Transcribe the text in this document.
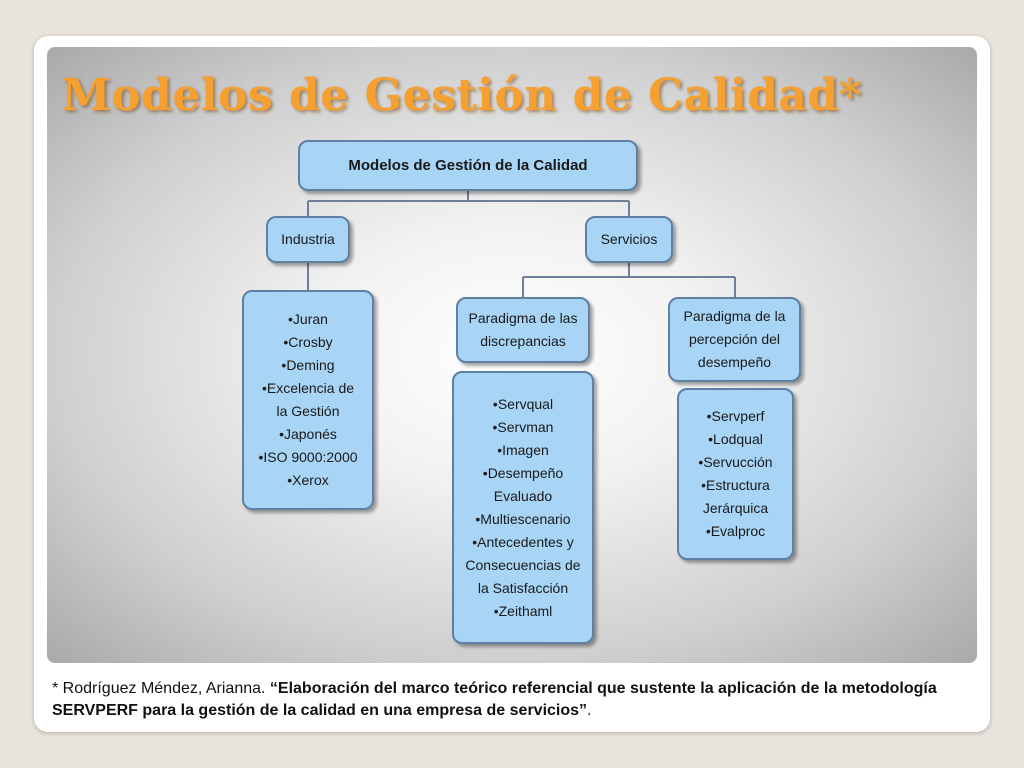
Modelos de Gestión de Calidad*
Modelos de Gestión de la Calidad
Industria	Servicios
•Juran
•Crosby
•Deming
•Excelencia de
la Gestión
•Japonés
•ISO 9000:2000
•Xerox
Paradigma de las
discrepancias
Paradigma de la
percepción del
desempeño
•Servqual
•Servman
•Imagen
•Desempeño
Evaluado
•Multiescenario
•Antecedentes y
Consecuencias de
la Satisfacción
•Zeithaml
•Servperf
•Lodqual
•Servucción
•Estructura
Jerárquica
•Evalproc
* Rodríguez Méndez, Arianna. “Elaboración del marco teórico referencial que sustente la aplicación de la metodología SERVPERF para la gestión de la calidad en una empresa de servicios”.
